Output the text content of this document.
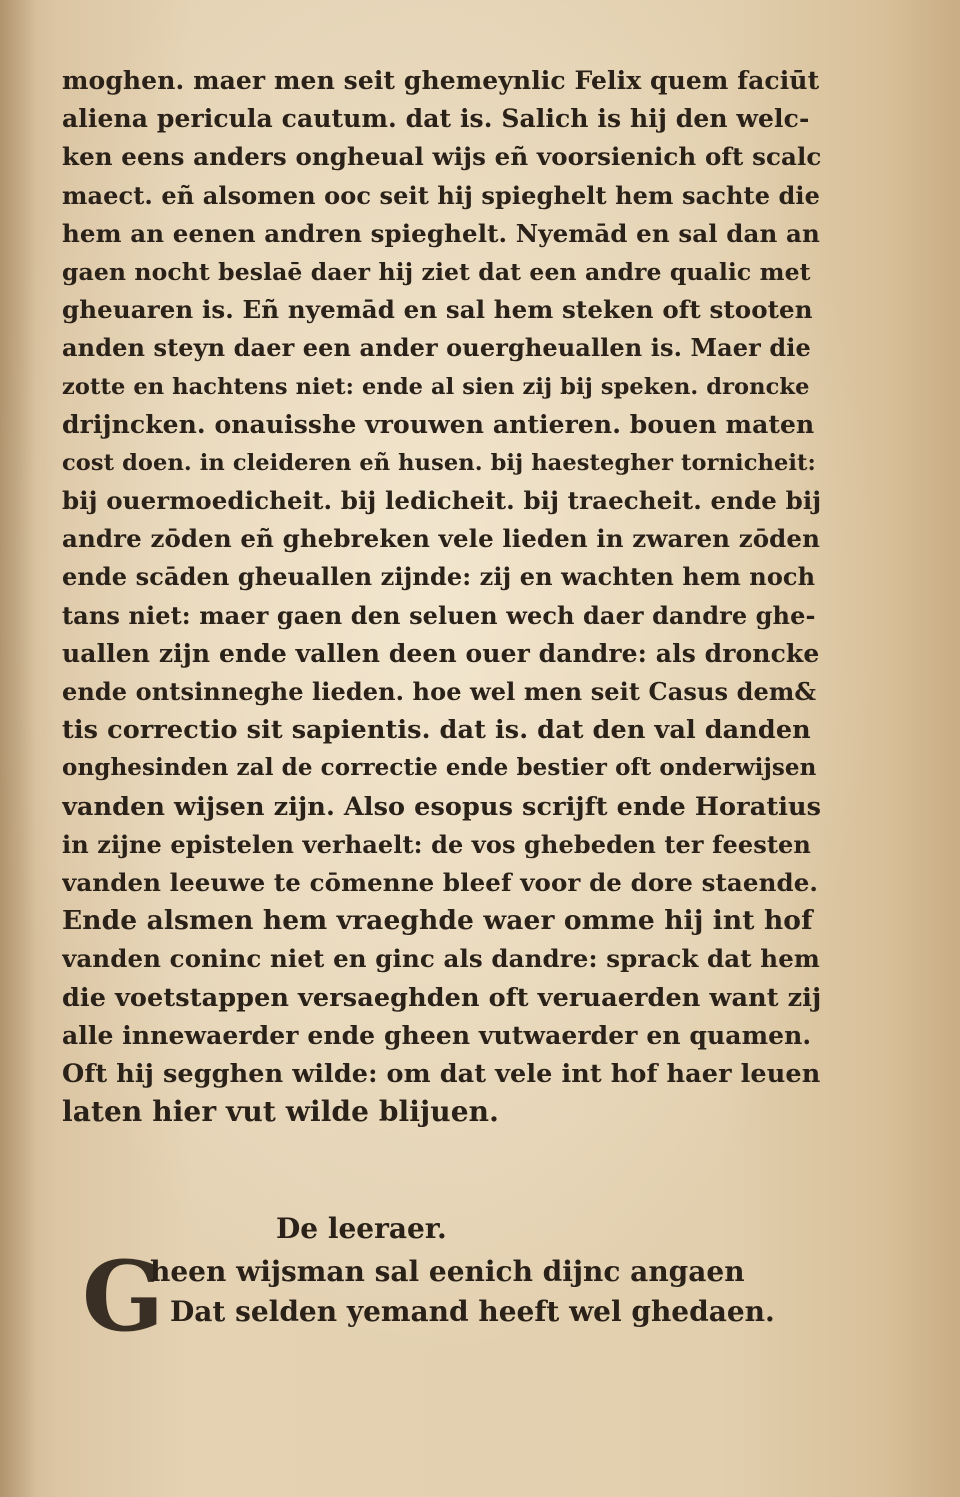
moghen. maer men seit ghemeynlic Felix quem faciūt
aliena pericula cautum. dat is. Salich is hij den welc-
ken eens anders ongheual wijs eñ voorsienich oft scalc
maect. eñ alsomen ooc seit hij spieghelt hem sachte die
hem an eenen andren spieghelt. Nyemād en sal dan an
gaen nocht beslaē daer hij ziet dat een andre qualic met
gheuaren is. Eñ nyemād en sal hem steken oft stooten
anden steyn daer een ander ouergheuallen is. Maer die
zotte en hachtens niet: ende al sien zij bij speken. droncke
drijncken. onauisshe vrouwen antieren. bouen maten
cost doen. in cleideren eñ husen. bij haestegher tornicheit:
bij ouermoedicheit. bij ledicheit. bij traecheit. ende bij
andre zōden eñ ghebreken vele lieden in zwaren zōden
ende scāden gheuallen zijnde: zij en wachten hem noch
tans niet: maer gaen den seluen wech daer dandre ghe-
uallen zijn ende vallen deen ouer dandre: als droncke
ende ontsinneghe lieden. hoe wel men seit Casus dem&
tis correctio sit sapientis. dat is. dat den val danden
onghesinden zal de correctie ende bestier oft onderwijsen
vanden wijsen zijn. Also esopus scrijft ende Horatius
in zijne epistelen verhaelt: de vos ghebeden ter feesten
vanden leeuwe te cōmenne bleef voor de dore staende.
Ende alsmen hem vraeghde waer omme hij int hof
vanden coninc niet en ginc als dandre: sprack dat hem
die voetstappen versaeghden oft veruaerden want zij
alle innewaerder ende gheen vutwaerder en quamen.
Oft hij segghen wilde: om dat vele int hof haer leuen
laten hier vut wilde blijuen.
De leeraer.
G
heen wijsman sal eenich dijnc angaen
Dat selden yemand heeft wel ghedaen.
